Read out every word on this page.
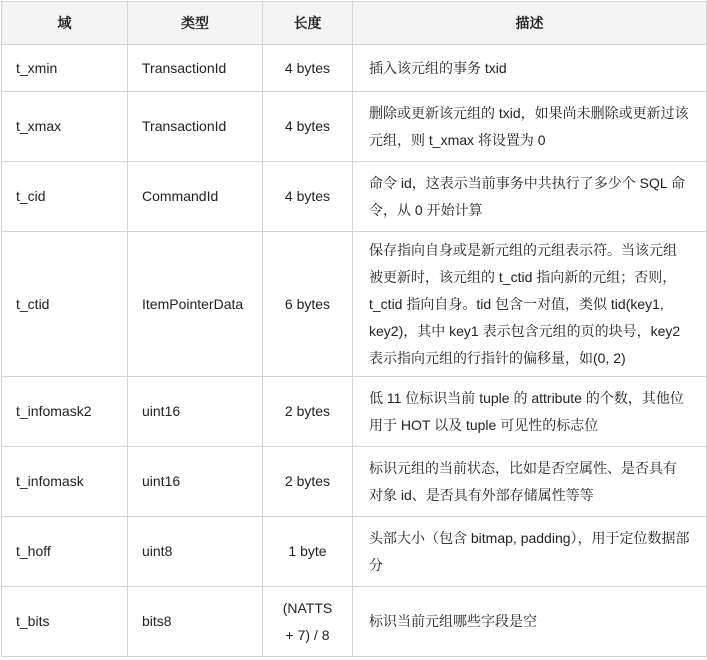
域	类型	长度	描述
t_xmin	TransactionId	4 bytes	插入该元组的事务 txid
t_xmax	TransactionId	4 bytes	删除或更新该元组的 txid，如果尚未删除或更新过该元组，则 t_xmax 将设置为 0
t_cid	CommandId	4 bytes	命令 id，这表示当前事务中共执行了多少个 SQL 命令，从 0 开始计算
t_ctid	ItemPointerData	6 bytes	保存指向自身或是新元组的元组表示符。当该元组被更新时，该元组的 t_ctid 指向新的元组；否则，t_ctid 指向自身。tid 包含一对值，类似 tid(key1, key2)，其中 key1 表示包含元组的页的块号，key2 表示指向元组的行指针的偏移量，如(0, 2)
t_infomask2	uint16	2 bytes	低 11 位标识当前 tuple 的 attribute 的个数，其他位用于 HOT 以及 tuple 可见性的标志位
t_infomask	uint16	2 bytes	标识元组的当前状态，比如是否空属性、是否具有对象 id、是否具有外部存储属性等等
t_hoff	uint8	1 byte	头部大小（包含 bitmap, padding），用于定位数据部分
t_bits	bits8	(NATTS + 7) / 8	标识当前元组哪些字段是空
